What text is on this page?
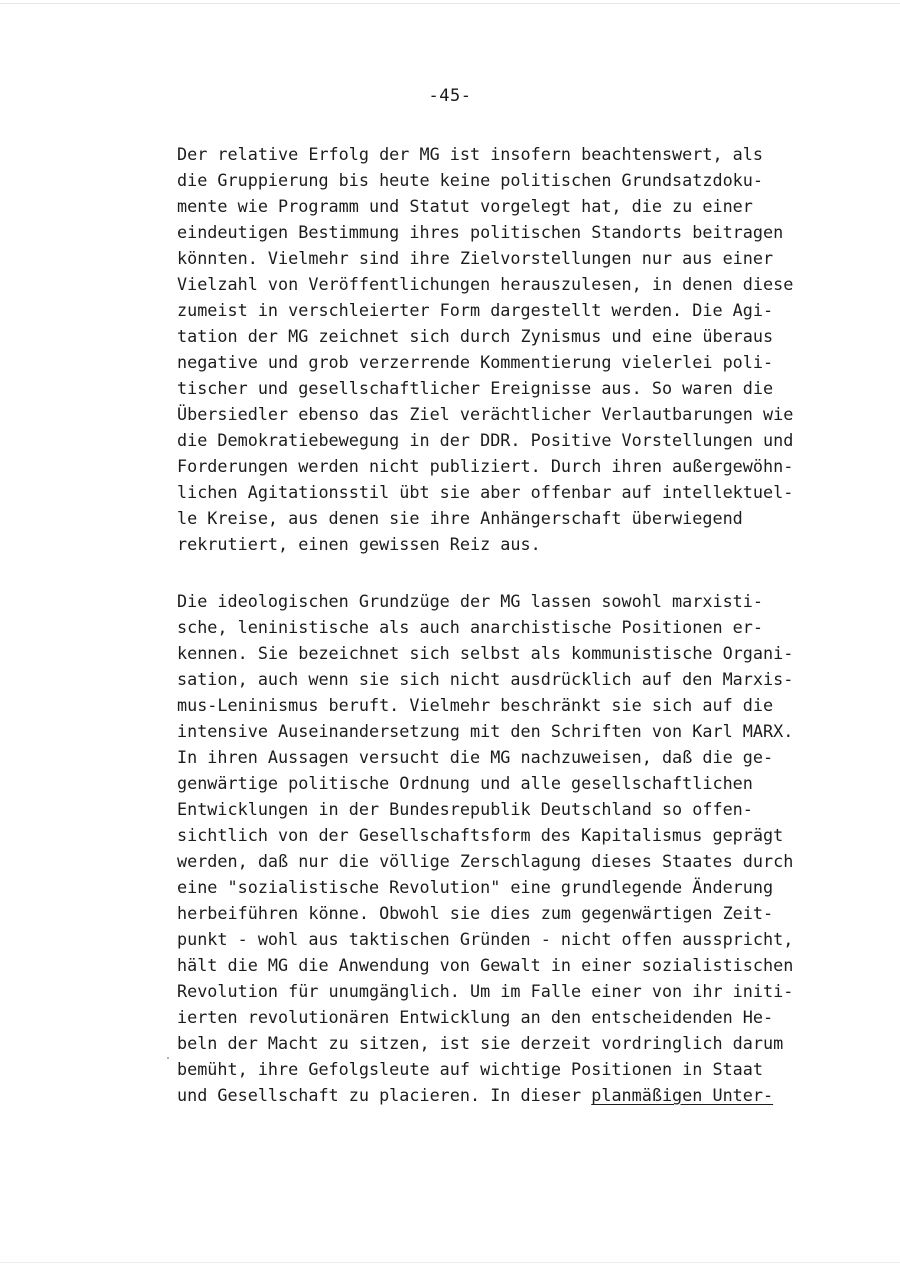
-45-
Der relative Erfolg der MG ist insofern beachtenswert, als
die Gruppierung bis heute keine politischen Grundsatzdoku-
mente wie Programm und Statut vorgelegt hat, die zu einer
eindeutigen Bestimmung ihres politischen Standorts beitragen
könnten. Vielmehr sind ihre Zielvorstellungen nur aus einer
Vielzahl von Veröffentlichungen herauszulesen, in denen diese
zumeist in verschleierter Form dargestellt werden. Die Agi-
tation der MG zeichnet sich durch Zynismus und eine überaus
negative und grob verzerrende Kommentierung vielerlei poli-
tischer und gesellschaftlicher Ereignisse aus. So waren die
Übersiedler ebenso das Ziel verächtlicher Verlautbarungen wie
die Demokratiebewegung in der DDR. Positive Vorstellungen und
Forderungen werden nicht publiziert. Durch ihren außergewöhn-
lichen Agitationsstil übt sie aber offenbar auf intellektuel-
le Kreise, aus denen sie ihre Anhängerschaft überwiegend
rekrutiert, einen gewissen Reiz aus.
Die ideologischen Grundzüge der MG lassen sowohl marxisti-
sche, leninistische als auch anarchistische Positionen er-
kennen. Sie bezeichnet sich selbst als kommunistische Organi-
sation, auch wenn sie sich nicht ausdrücklich auf den Marxis-
mus-Leninismus beruft. Vielmehr beschränkt sie sich auf die
intensive Auseinandersetzung mit den Schriften von Karl MARX.
In ihren Aussagen versucht die MG nachzuweisen, daß die ge-
genwärtige politische Ordnung und alle gesellschaftlichen
Entwicklungen in der Bundesrepublik Deutschland so offen-
sichtlich von der Gesellschaftsform des Kapitalismus geprägt
werden, daß nur die völlige Zerschlagung dieses Staates durch
eine "sozialistische Revolution" eine grundlegende Änderung
herbeiführen könne. Obwohl sie dies zum gegenwärtigen Zeit-
punkt - wohl aus taktischen Gründen - nicht offen ausspricht,
hält die MG die Anwendung von Gewalt in einer sozialistischen
Revolution für unumgänglich. Um im Falle einer von ihr initi-
ierten revolutionären Entwicklung an den entscheidenden He-
beln der Macht zu sitzen, ist sie derzeit vordringlich darum
bemüht, ihre Gefolgsleute auf wichtige Positionen in Staat
und Gesellschaft zu placieren. In dieser planmäßigen Unter-
